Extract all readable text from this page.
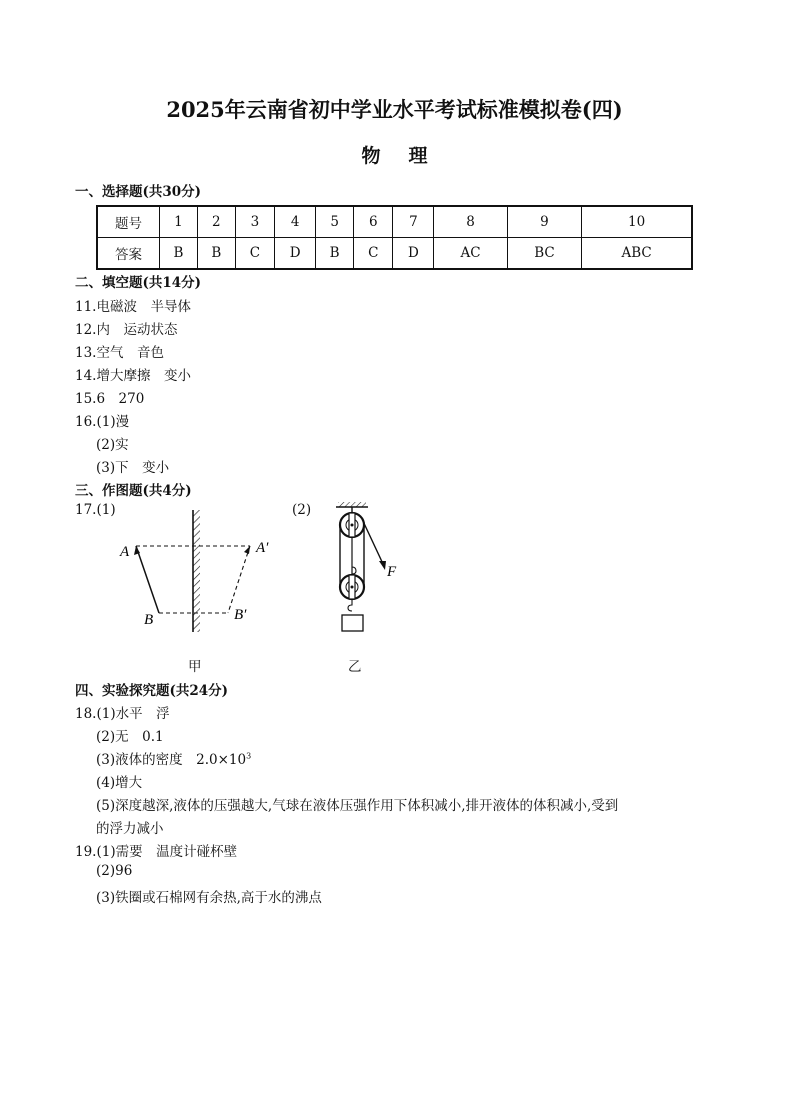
2025年云南省初中学业水平考试标准模拟卷(四)
物理
一、选择题(共30分)
题号	1	2	3	4	5	6	7	8	9	10
答案	B	B	C	D	B	C	D	AC	BC	ABC
二、填空题(共14分)
11.电磁波　半导体
12.内　运动状态
13.空气　音色
14.增大摩擦　变小
15.6　270
16.(1)漫
(2)实
(3)下　变小
三、作图题(共4分)
17.(1)	(2)
A	A′
B	B′
甲
F
乙
四、实验探究题(共24分)
18.(1)水平　浮
(2)无　0.1
(3)液体的密度　$2.0\times 10^3$
(4)增大
(5)深度越深,液体的压强越大,气球在液体压强作用下体积减小,排开液体的体积减小,受到
的浮力减小
19.(1)需要　温度计碰杯壁
(2)96
(3)铁圈或石棉网有余热,高于水的沸点
